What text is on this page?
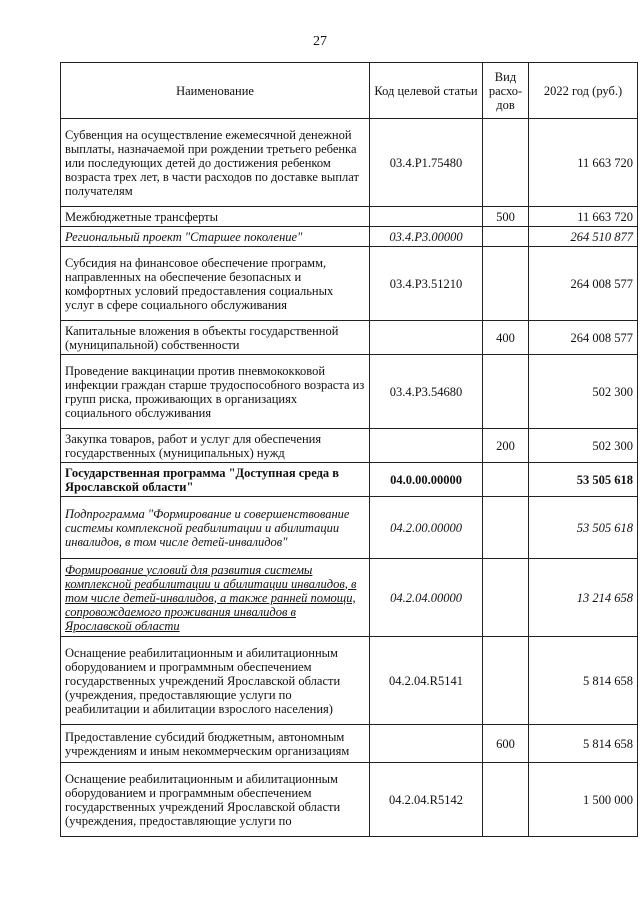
27
Наименование	Код целевой статьи	Вид расхо-дов	2022 год (руб.)
Субвенция на осуществление ежемесячной денежной выплаты, назначаемой при рождении третьего ребенка или последующих детей до достижения ребенком возраста трех лет, в части расходов по доставке выплат получателям	03.4.Р1.75480		11 663 720
Межбюджетные трансферты		500	11 663 720
Региональный проект "Старшее поколение"	03.4.Р3.00000		264 510 877
Субсидия на финансовое обеспечение программ, направленных на обеспечение безопасных и комфортных условий предоставления социальных услуг в сфере социального обслуживания	03.4.Р3.51210		264 008 577
Капитальные вложения в объекты государственной (муниципальной) собственности		400	264 008 577
Проведение вакцинации против пневмококковой инфекции граждан старше трудоспособного возраста из групп риска, проживающих в организациях социального обслуживания	03.4.Р3.54680		502 300
Закупка товаров, работ и услуг для обеспечения государственных (муниципальных) нужд		200	502 300
Государственная программа "Доступная среда в Ярославской области"	04.0.00.00000		53 505 618
Подпрограмма "Формирование и совершенствование системы комплексной реабилитации и абилитации инвалидов, в том числе детей-инвалидов"	04.2.00.00000		53 505 618
Формирование условий для развития системы комплексной реабилитации и абилитации инвалидов, в том числе детей-инвалидов, а также ранней помощи, сопровождаемого проживания инвалидов в Ярославской области	04.2.04.00000		13 214 658
Оснащение реабилитационным и абилитационным оборудованием и программным обеспечением государственных учреждений Ярославской области (учреждения, предоставляющие услуги по реабилитации и абилитации взрослого населения)	04.2.04.R5141		5 814 658
Предоставление субсидий бюджетным, автономным учреждениям и иным некоммерческим организациям		600	5 814 658
Оснащение реабилитационным и абилитационным оборудованием и программным обеспечением государственных учреждений Ярославской области (учреждения, предоставляющие услуги по	04.2.04.R5142		1 500 000
